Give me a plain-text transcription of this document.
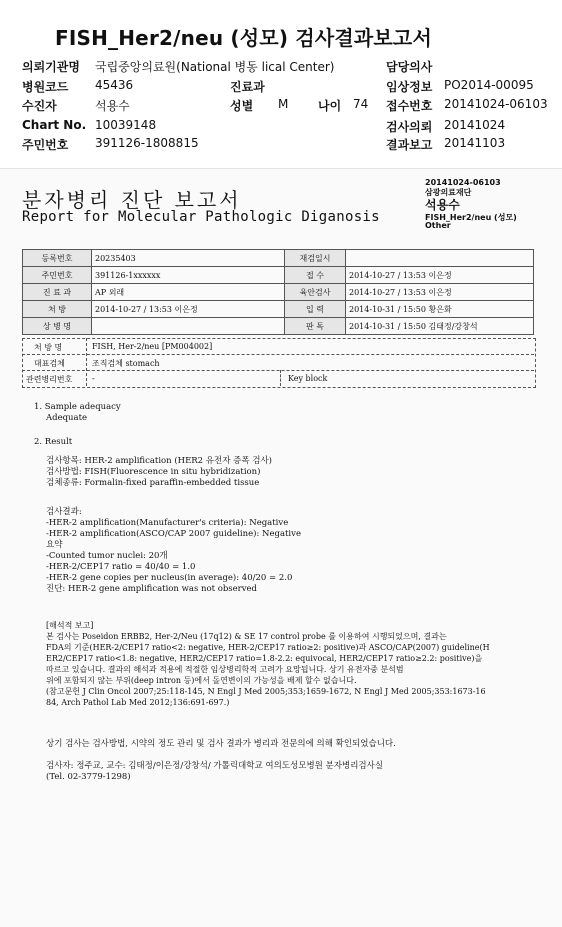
FISH_Her2/neu (성모) 검사결과보고서
의뢰기관명 국립중앙의료원(National 병동 lical Center)	담당의사
병원코드 45436	진료과	임상정보 PO2014-00095
수진자	석용수	성별 M 나이 74 접수번호 20141024-06103
Chart No. 10039148	검사의뢰 20141024
주민번호 391126-1808815	결과보고 20141103
분자병리 진단 보고서
Report for Molecular Pathologic Diganosis
20141024-06103
삼광의료재단
석용수
FISH_Her2/neu (성모)
Other
등록번호	20235403	재검일시	
주민번호	391126-1xxxxxx	접 수	2014-10-27 / 13:53 이은정
진 료 과	AP 외래	육안검사	2014-10-27 / 13:53 이은정
처 방	2014-10-27 / 13:53 이은정	입 력	2014-10-31 / 15:50 황은화
상 병 명		판 독	2014-10-31 / 15:50 김태정/강창석
처 방 명	FISH, Her-2/neu [PM004002]
대표검체	조직검체 stomach
관련병리번호 -	Key block
1. Sample adequacy
Adequate
2. Result
검사항목: HER-2 amplification (HER2 유전자 증폭 검사)
검사방법: FISH(Fluorescence in situ hybridization)
검체종류: Formalin-fixed paraffin-embedded tissue
검사결과:
-HER-2 amplification(Manufacturer's criteria): Negative
-HER-2 amplification(ASCO/CAP 2007 guideline): Negative
요약
-Counted tumor nuclei: 20개
-HER-2/CEP17 ratio = 40/40 = 1.0
-HER-2 gene copies per nucleus(in average): 40/20 = 2.0
진단: HER-2 gene amplification was not observed
[해석적 보고]
본 검사는 Poseidon ERBB2, Her-2/Neu (17q12) & SE 17 control probe 를 이용하여 시행되었으며, 결과는
FDA의 기준(HER-2/CEP17 ratio<2: negative, HER-2/CEP17 ratio≥2: positive)과 ASCO/CAP(2007) guideline(H
ER2/CEP17 ratio<1.8: negative, HER2/CEP17 ratio=1.8-2.2: equivocal, HER2/CEP17 ratio≥2.2: positive)을
따르고 있습니다. 결과의 해석과 적용에 적절한 임상병리학적 고려가 요망됩니다. 상기 유전자중 분석범
위에 포함되지 않는 부위(deep intron 등)에서 돌연변이의 가능성을 배제 할수 없습니다.
(참고문헌 J Clin Oncol 2007;25:118-145, N Engl J Med 2005;353;1659-1672, N Engl J Med 2005;353:1673-16
84, Arch Pathol Lab Med 2012;136:691-697.)
상기 검사는 검사방법, 시약의 정도 관리 및 검사 결과가 병리과 전문의에 의해 확인되었습니다.
검사자: 정주교, 교수: 김태정/이은정/강창석/ 가톨릭대학교 여의도성모병원 분자병리검사실
(Tel. 02-3779-1298)
